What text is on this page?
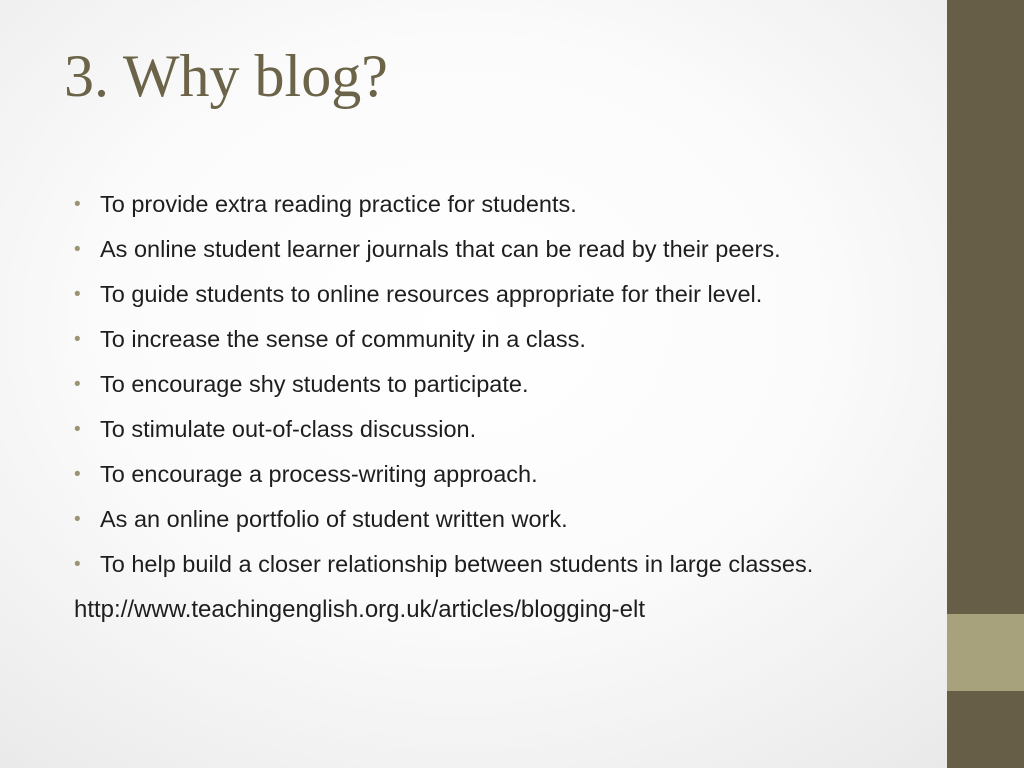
3. Why blog?
• To provide extra reading practice for students.
• As online student learner journals that can be read by their peers.
• To guide students to online resources appropriate for their level.
• To increase the sense of community in a class.
• To encourage shy students to participate.
• To stimulate out-of-class discussion.
• To encourage a process-writing approach.
• As an online portfolio of student written work.
• To help build a closer relationship between students in large classes.

http://www.teachingenglish.org.uk/articles/blogging-elt
